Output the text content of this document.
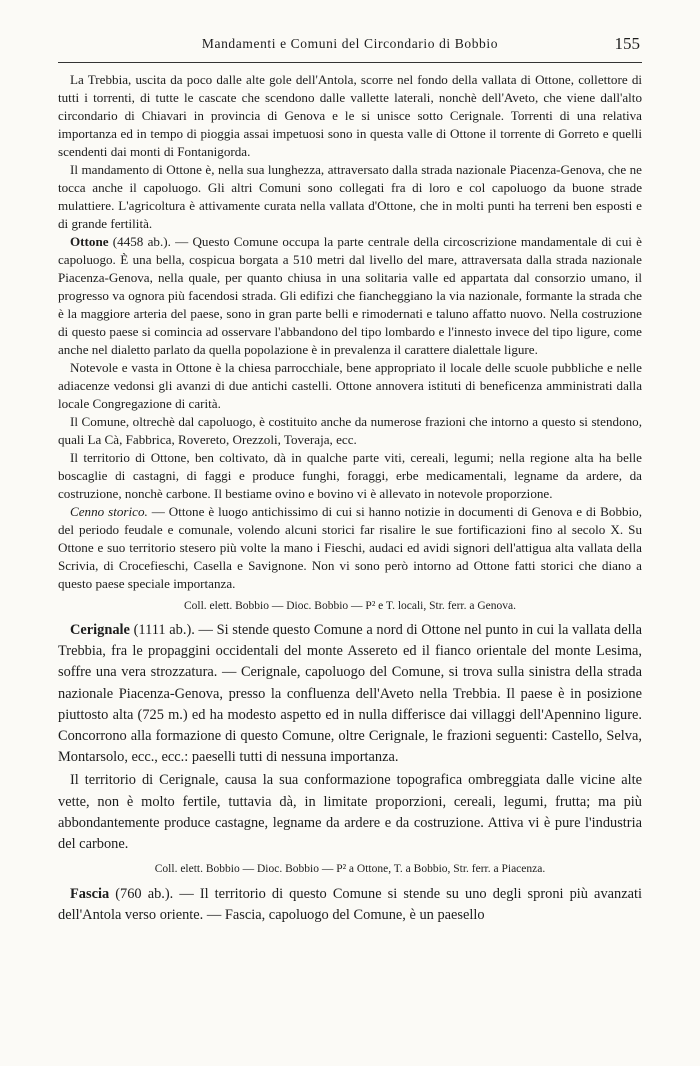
Mandamenti e Comuni del Circondario di Bobbio	155

La Trebbia, uscita da poco dalle alte gole dell'Antola, scorre nel fondo della vallata di Ottone, collettore di tutti i torrenti, di tutte le cascate che scendono dalle vallette laterali, nonchè dell'Aveto, che viene dall'alto circondario di Chiavari in provincia di Genova e le si unisce sotto Cerignale. Torrenti di una relativa importanza ed in tempo di pioggia assai impetuosi sono in questa valle di Ottone il torrente di Gorreto e quelli scendenti dai monti di Fontanigorda.

Il mandamento di Ottone è, nella sua lunghezza, attraversato dalla strada nazionale Piacenza-Genova, che ne tocca anche il capoluogo. Gli altri Comuni sono collegati fra di loro e col capoluogo da buone strade mulattiere. L'agricoltura è attivamente curata nella vallata d'Ottone, che in molti punti ha terreni ben esposti e di grande fertilità.

Ottone (4458 ab.). — Questo Comune occupa la parte centrale della circoscrizione mandamentale di cui è capoluogo. È una bella, cospicua borgata a 510 metri dal livello del mare, attraversata dalla strada nazionale Piacenza-Genova, nella quale, per quanto chiusa in una solitaria valle ed appartata dal consorzio umano, il progresso va ognora più facendosi strada. Gli edifizi che fiancheggiano la via nazionale, formante la strada che è la maggiore arteria del paese, sono in gran parte belli e rimodernati e taluno affatto nuovo. Nella costruzione di questo paese si comincia ad osservare l'abbandono del tipo lombardo e l'innesto invece del tipo ligure, come anche nel dialetto parlato da quella popolazione è in prevalenza il carattere dialettale ligure.

Notevole e vasta in Ottone è la chiesa parrocchiale, bene appropriato il locale delle scuole pubbliche e nelle adiacenze vedonsi gli avanzi di due antichi castelli. Ottone annovera istituti di beneficenza amministrati dalla locale Congregazione di carità.

Il Comune, oltrechè dal capoluogo, è costituito anche da numerose frazioni che intorno a questo si stendono, quali La Cà, Fabbrica, Rovereto, Orezzoli, Toveraja, ecc.

Il territorio di Ottone, ben coltivato, dà in qualche parte viti, cereali, legumi; nella regione alta ha belle boscaglie di castagni, di faggi e produce funghi, foraggi, erbe medicamentali, legname da ardere, da costruzione, nonchè carbone. Il bestiame ovino e bovino vi è allevato in notevole proporzione.

Cenno storico. — Ottone è luogo antichissimo di cui si hanno notizie in documenti di Genova e di Bobbio, del periodo feudale e comunale, volendo alcuni storici far risalire le sue fortificazioni fino al secolo X. Su Ottone e suo territorio stesero più volte la mano i Fieschi, audaci ed avidi signori dell'attigua alta vallata della Scrivia, di Crocefieschi, Casella e Savignone. Non vi sono però intorno ad Ottone fatti storici che diano a questo paese speciale importanza.

Coll. elett. Bobbio — Dioc. Bobbio — P² e T. locali, Str. ferr. a Genova.

Cerignale (1111 ab.). — Si stende questo Comune a nord di Ottone nel punto in cui la vallata della Trebbia, fra le propaggini occidentali del monte Assereto ed il fianco orientale del monte Lesima, soffre una vera strozzatura. — Cerignale, capoluogo del Comune, si trova sulla sinistra della strada nazionale Piacenza-Genova, presso la confluenza dell'Aveto nella Trebbia. Il paese è in posizione piuttosto alta (725 m.) ed ha modesto aspetto ed in nulla differisce dai villaggi dell'Apennino ligure. Concorrono alla formazione di questo Comune, oltre Cerignale, le frazioni seguenti: Castello, Selva, Montarsolo, ecc., ecc.: paeselli tutti di nessuna importanza.

Il territorio di Cerignale, causa la sua conformazione topografica ombreggiata dalle vicine alte vette, non è molto fertile, tuttavia dà, in limitate proporzioni, cereali, legumi, frutta; ma più abbondantemente produce castagne, legname da ardere e da costruzione. Attiva vi è pure l'industria del carbone.

Coll. elett. Bobbio — Dioc. Bobbio — P² a Ottone, T. a Bobbio, Str. ferr. a Piacenza.

Fascia (760 ab.). — Il territorio di questo Comune si stende su uno degli sproni più avanzati dell'Antola verso oriente. — Fascia, capoluogo del Comune, è un paesello
